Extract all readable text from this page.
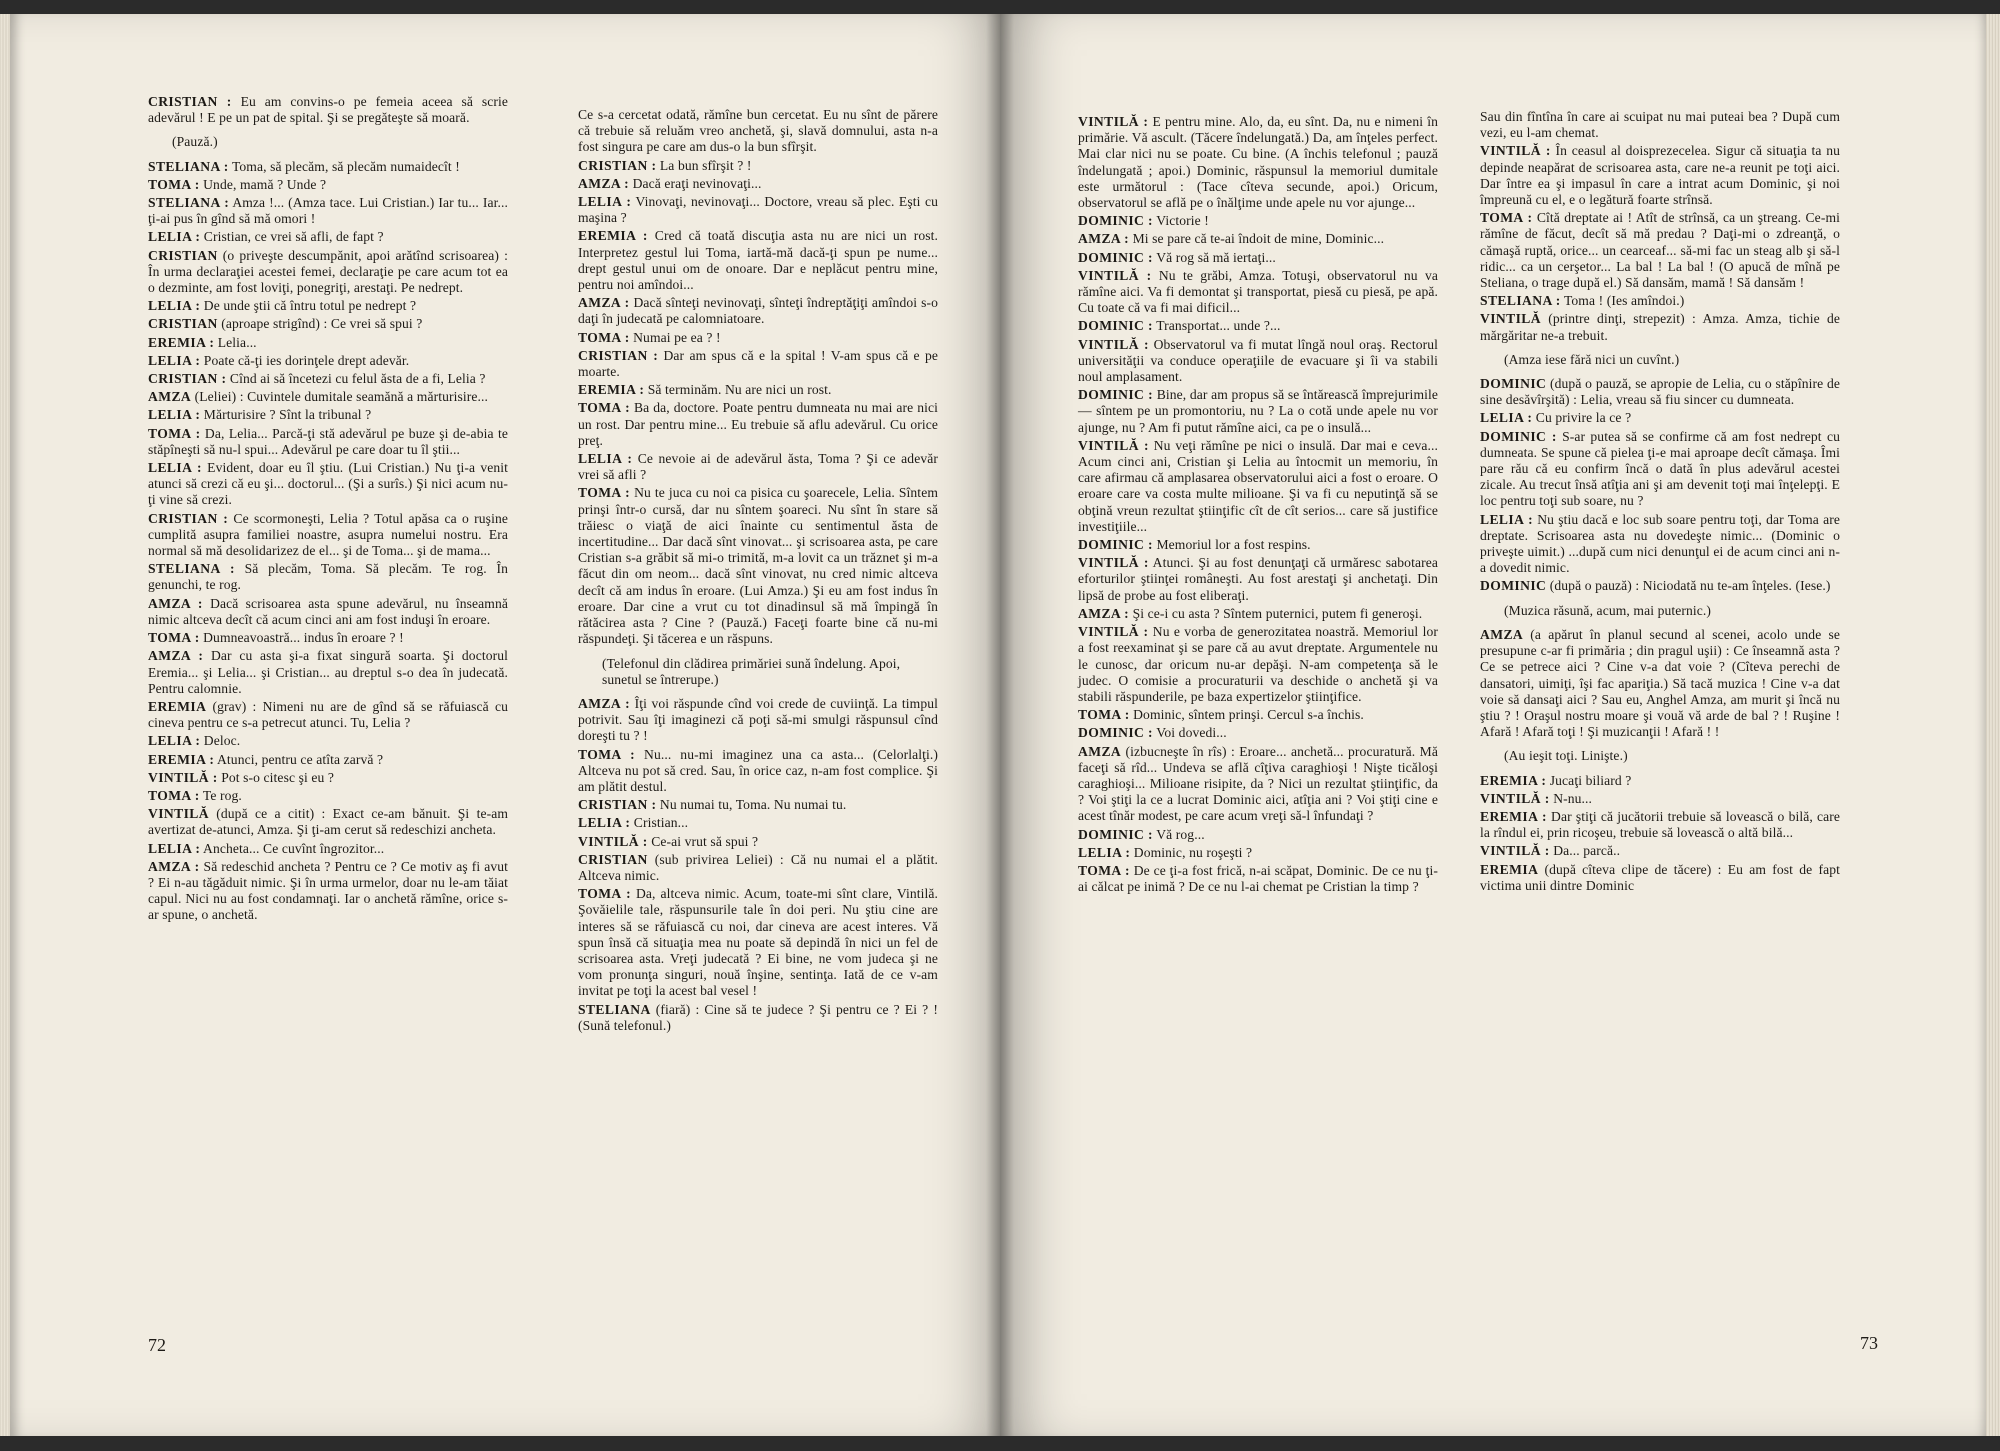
CRISTIAN : Eu am convins-o pe femeia aceea să scrie adevărul ! E pe un pat de spital. Şi se pregăteşte să moară.

(Pauză.)

STELIANA : Toma, să plecăm, să plecăm numaidecît !

TOMA : Unde, mamă ? Unde ?

STELIANA : Amza !... (Amza tace. Lui Cristian.) Iar tu... Iar... ţi-ai pus în gînd să mă omori !

LELIA : Cristian, ce vrei să afli, de fapt ?

CRISTIAN (o priveşte descumpănit, apoi arătînd scrisoarea) : În urma declaraţiei acestei femei, declaraţie pe care acum tot ea o dezminte, am fost loviţi, ponegriţi, arestaţi. Pe nedrept.

LELIA : De unde ştii că întru totul pe nedrept ?

CRISTIAN (aproape strigînd) : Ce vrei să spui ?

EREMIA : Lelia...

LELIA : Poate că-ţi ies dorinţele drept adevăr.

CRISTIAN : Cînd ai să încetezi cu felul ăsta de a fi, Lelia ?

AMZA (Leliei) : Cuvintele dumitale seamănă a mărturisire...

LELIA : Mărturisire ? Sînt la tribunal ?

TOMA : Da, Lelia... Parcă-ţi stă adevărul pe buze şi de-abia te stăpîneşti să nu-l spui... Adevărul pe care doar tu îl ştii...

LELIA : Evident, doar eu îl ştiu. (Lui Cristian.) Nu ţi-a venit atunci să crezi că eu şi... doctorul... (Şi a surîs.) Şi nici acum nu-ţi vine să crezi.

CRISTIAN : Ce scormoneşti, Lelia ? Totul apăsa ca o ruşine cumplită asupra familiei noastre, asupra numelui nostru. Era normal să mă desolidarizez de el... şi de Toma... şi de mama...

STELIANA : Să plecăm, Toma. Să plecăm. Te rog. În genunchi, te rog.

AMZA : Dacă scrisoarea asta spune adevărul, nu înseamnă nimic altceva decît că acum cinci ani am fost induşi în eroare.

TOMA : Dumneavoastră... indus în eroare ? !

AMZA : Dar cu asta şi-a fixat singură soarta. Şi doctorul Eremia... şi Lelia... şi Cristian... au dreptul s-o dea în judecată. Pentru calomnie.

EREMIA (grav) : Nimeni nu are de gînd să se răfuiască cu cineva pentru ce s-a petrecut atunci. Tu, Lelia ?

LELIA : Deloc.

EREMIA : Atunci, pentru ce atîta zarvă ?

VINTILĂ : Pot s-o citesc şi eu ?

TOMA : Te rog.

VINTILĂ (după ce a citit) : Exact ce-am bănuit. Şi te-am avertizat de-atunci, Amza. Şi ţi-am cerut să redeschizi ancheta.

LELIA : Ancheta... Ce cuvînt îngrozitor...

AMZA : Să redeschid ancheta ? Pentru ce ? Ce motiv aş fi avut ? Ei n-au tăgăduit nimic. Şi în urma urmelor, doar nu le-am tăiat capul. Nici nu au fost condamnaţi. Iar o anchetă rămîne, orice s-ar spune, o anchetă.

Ce s-a cercetat odată, rămîne bun cercetat. Eu nu sînt de părere că trebuie să reluăm vreo anchetă, şi, slavă domnului, asta n-a fost singura pe care am dus-o la bun sfîrşit.

CRISTIAN : La bun sfîrşit ? !

AMZA : Dacă eraţi nevinovaţi...

LELIA : Vinovaţi, nevinovaţi... Doctore, vreau să plec. Eşti cu maşina ?

EREMIA : Cred că toată discuţia asta nu are nici un rost. Interpretez gestul lui Toma, iartă-mă dacă-ţi spun pe nume... drept gestul unui om de onoare. Dar e neplăcut pentru mine, pentru noi amîndoi...

AMZA : Dacă sînteţi nevinovaţi, sînteţi îndreptăţiţi amîndoi s-o daţi în judecată pe calomniatoare.

TOMA : Numai pe ea ? !

CRISTIAN : Dar am spus că e la spital ! V-am spus că e pe moarte.

EREMIA : Să terminăm. Nu are nici un rost.

TOMA : Ba da, doctore. Poate pentru dumneata nu mai are nici un rost. Dar pentru mine... Eu trebuie să aflu adevărul. Cu orice preţ.

LELIA : Ce nevoie ai de adevărul ăsta, Toma ? Şi ce adevăr vrei să afli ?

TOMA : Nu te juca cu noi ca pisica cu şoarecele, Lelia. Sîntem prinşi într-o cursă, dar nu sîntem şoareci. Nu sînt în stare să trăiesc o viaţă de aici înainte cu sentimentul ăsta de incertitudine... Dar dacă sînt vinovat... şi scrisoarea asta, pe care Cristian s-a grăbit să mi-o trimită, m-a lovit ca un trăznet şi m-a făcut din om neom... dacă sînt vinovat, nu cred nimic altceva decît că am indus în eroare. (Lui Amza.) Şi eu am fost indus în eroare. Dar cine a vrut cu tot dinadinsul să mă împingă în rătăcirea asta ? Cine ? (Pauză.) Faceţi foarte bine că nu-mi răspundeţi. Şi tăcerea e un răspuns.

(Telefonul din clădirea primăriei sună îndelung. Apoi, sunetul se întrerupe.)

AMZA : Îţi voi răspunde cînd voi crede de cuviinţă. La timpul potrivit. Sau îţi imaginezi că poţi să-mi smulgi răspunsul cînd doreşti tu ? !

TOMA : Nu... nu-mi imaginez una ca asta... (Celorlalţi.) Altceva nu pot să cred. Sau, în orice caz, n-am fost complice. Şi am plătit destul.

CRISTIAN : Nu numai tu, Toma. Nu numai tu.

LELIA : Cristian...

VINTILĂ : Ce-ai vrut să spui ?

CRISTIAN (sub privirea Leliei) : Că nu numai el a plătit. Altceva nimic.

TOMA : Da, altceva nimic. Acum, toate-mi sînt clare, Vintilă. Şovăielile tale, răspunsurile tale în doi peri. Nu ştiu cine are interes să se răfuiască cu noi, dar cineva are acest interes. Vă spun însă că situaţia mea nu poate să depindă în nici un fel de scrisoarea asta. Vreţi judecată ? Ei bine, ne vom judeca şi ne vom pronunţa singuri, nouă înşine, sentinţa. Iată de ce v-am invitat pe toţi la acest bal vesel !

STELIANA (fiară) : Cine să te judece ? Şi pentru ce ? Ei ? ! (Sună telefonul.)

72

VINTILĂ : E pentru mine. Alo, da, eu sînt. Da, nu e nimeni în primărie. Vă ascult. (Tăcere îndelungată.) Da, am înţeles perfect. Mai clar nici nu se poate. Cu bine. (A închis telefonul ; pauză îndelungată ; apoi.) Dominic, răspunsul la memoriul dumitale este următorul : (Tace cîteva secunde, apoi.) Oricum, observatorul se află pe o înălţime unde apele nu vor ajunge...

DOMINIC : Victorie !

AMZA : Mi se pare că te-ai îndoit de mine, Dominic...

DOMINIC : Vă rog să mă iertaţi...

VINTILĂ : Nu te grăbi, Amza. Totuşi, observatorul nu va rămîne aici. Va fi demontat şi transportat, piesă cu piesă, pe apă. Cu toate că va fi mai dificil...

DOMINIC : Transportat... unde ?...

VINTILĂ : Observatorul va fi mutat lîngă noul oraş. Rectorul universităţii va conduce operaţiile de evacuare şi îi va stabili noul amplasament.

DOMINIC : Bine, dar am propus să se întărească împrejurimile — sîntem pe un promontoriu, nu ? La o cotă unde apele nu vor ajunge, nu ? Am fi putut rămîne aici, ca pe o insulă...

VINTILĂ : Nu veţi rămîne pe nici o insulă. Dar mai e ceva... Acum cinci ani, Cristian şi Lelia au întocmit un memoriu, în care afirmau că amplasarea observatorului aici a fost o eroare. O eroare care va costa multe milioane. Şi va fi cu neputinţă să se obţină vreun rezultat ştiinţific cît de cît serios... care să justifice investiţiile...

DOMINIC : Memoriul lor a fost respins.

VINTILĂ : Atunci. Şi au fost denunţaţi că urmăresc sabotarea eforturilor ştiinţei româneşti. Au fost arestaţi şi anchetaţi. Din lipsă de probe au fost eliberaţi.

AMZA : Şi ce-i cu asta ? Sîntem puternici, putem fi generoşi.

VINTILĂ : Nu e vorba de generozitatea noastră. Memoriul lor a fost reexaminat şi se pare că au avut dreptate. Argumentele nu le cunosc, dar oricum nu-ar depăşi. N-am competenţa să le judec. O comisie a procuraturii va deschide o anchetă şi va stabili răspunderile, pe baza expertizelor ştiinţifice.

TOMA : Dominic, sîntem prinşi. Cercul s-a închis.

DOMINIC : Voi dovedi...

AMZA (izbucneşte în rîs) : Eroare... anchetă... procuratură. Mă faceţi să rîd... Undeva se află cîţiva caraghioşi ! Nişte ticăloşi caraghioşi... Milioane risipite, da ? Nici un rezultat ştiinţific, da ? Voi ştiţi la ce a lucrat Dominic aici, atîţia ani ? Voi ştiţi cine e acest tînăr modest, pe care acum vreţi să-l înfundaţi ?

DOMINIC : Vă rog...

LELIA : Dominic, nu roşeşti ?

TOMA : De ce ţi-a fost frică, n-ai scăpat, Dominic. De ce nu ţi-ai călcat pe inimă ? De ce nu l-ai chemat pe Cristian la timp ?

Sau din fîntîna în care ai scuipat nu mai puteai bea ? După cum vezi, eu l-am chemat.

VINTILĂ : În ceasul al doisprezecelea. Sigur că situaţia ta nu depinde neapărat de scrisoarea asta, care ne-a reunit pe toţi aici. Dar între ea şi impasul în care a intrat acum Dominic, şi noi împreună cu el, e o legătură foarte strînsă.

TOMA : Cîtă dreptate ai ! Atît de strînsă, ca un ştreang. Ce-mi rămîne de făcut, decît să mă predau ? Daţi-mi o zdreanţă, o cămaşă ruptă, orice... un cearceaf... să-mi fac un steag alb şi să-l ridic... ca un cerşetor... La bal ! La bal ! (O apucă de mînă pe Steliana, o trage după el.) Să dansăm, mamă ! Să dansăm !

STELIANA : Toma ! (Ies amîndoi.)

VINTILĂ (printre dinţi, strepezit) : Amza. Amza, tichie de mărgăritar ne-a trebuit.

(Amza iese fără nici un cuvînt.)

DOMINIC (după o pauză, se apropie de Lelia, cu o stăpînire de sine desăvîrşită) : Lelia, vreau să fiu sincer cu dumneata.

LELIA : Cu privire la ce ?

DOMINIC : S-ar putea să se confirme că am fost nedrept cu dumneata. Se spune că pielea ţi-e mai aproape decît cămaşa. Îmi pare rău că eu confirm încă o dată în plus adevărul acestei zicale. Au trecut însă atîţia ani şi am devenit toţi mai înţelepţi. E loc pentru toţi sub soare, nu ?

LELIA : Nu ştiu dacă e loc sub soare pentru toţi, dar Toma are dreptate. Scrisoarea asta nu dovedeşte nimic... (Dominic o priveşte uimit.) ...după cum nici denunţul ei de acum cinci ani n-a dovedit nimic.

DOMINIC (după o pauză) : Niciodată nu te-am înţeles. (Iese.)

(Muzica răsună, acum, mai puternic.)

AMZA (a apărut în planul secund al scenei, acolo unde se presupune c-ar fi primăria ; din pragul uşii) : Ce înseamnă asta ? Ce se petrece aici ? Cine v-a dat voie ? (Cîteva perechi de dansatori, uimiţi, îşi fac apariţia.) Să tacă muzica ! Cine v-a dat voie să dansaţi aici ? Sau eu, Anghel Amza, am murit şi încă nu ştiu ? ! Oraşul nostru moare şi vouă vă arde de bal ? ! Ruşine ! Afară ! Afară toţi ! Şi muzicanţii ! Afară ! !

(Au ieşit toţi. Linişte.)

EREMIA : Jucaţi biliard ?

VINTILĂ : N-nu...

EREMIA : Dar ştiţi că jucătorii trebuie să lovească o bilă, care la rîndul ei, prin ricoşeu, trebuie să lovească o altă bilă...

VINTILĂ : Da... parcă..

EREMIA (după cîteva clipe de tăcere) : Eu am fost de fapt victima unii dintre Dominic

73
